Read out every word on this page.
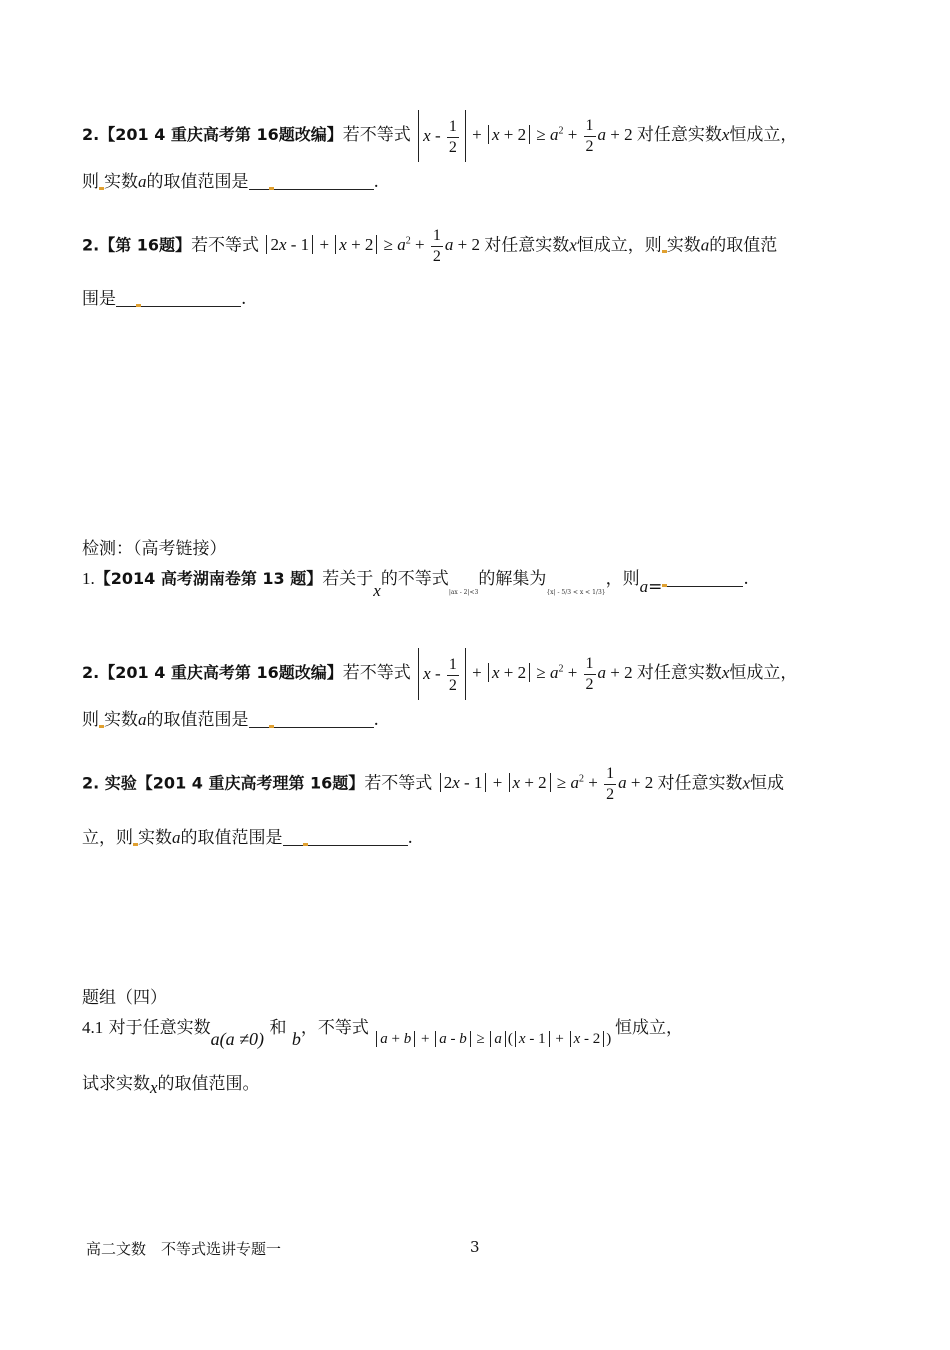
2.【201 4 重庆高考第 16题改编】若不等式 $x - \frac{1}{2} + x + 2 \ge a^2 + \frac{1}{2}$ a + 2 对任意实数x恒成立，
则 实数a的取值范围是	.
2.【第 16题】若不等式 $2x - 1 + x + 2 \ge a^2 + \frac{1}{2}$ a + 2 对任意实数x恒成立，则 实数a的取值范
围是	.
检测：（高考链接）
1.【2014 高考湖南卷第 13 题】若关于x的不等式$_{|ax - 2|<3}$的解集为$_{\{x| - 5/3 < x < 1/3\}}$，则a=	.
2.【201 4 重庆高考第 16题改编】若不等式 $x - \frac{1}{2} + x + 2 \ge a^2 + \frac{1}{2}$ a + 2 对任意实数x恒成立，
则 实数a的取值范围是	.
2. 实验【201 4 重庆高考理第 16题】若不等式 $2x - 1 + x + 2 \ge a^2 + \frac{1}{2}$ a + 2 对任意实数x恒成
立，则 实数a的取值范围是	.
题组（四）
4.1 对于任意实数a(a ≠0) 和 b，不等式 a + b + a - b ≥ a ( x - 1 + x - 2 ) 恒成立，
试求实数x的取值范围。
高二文数　不等式选讲专题一	3
